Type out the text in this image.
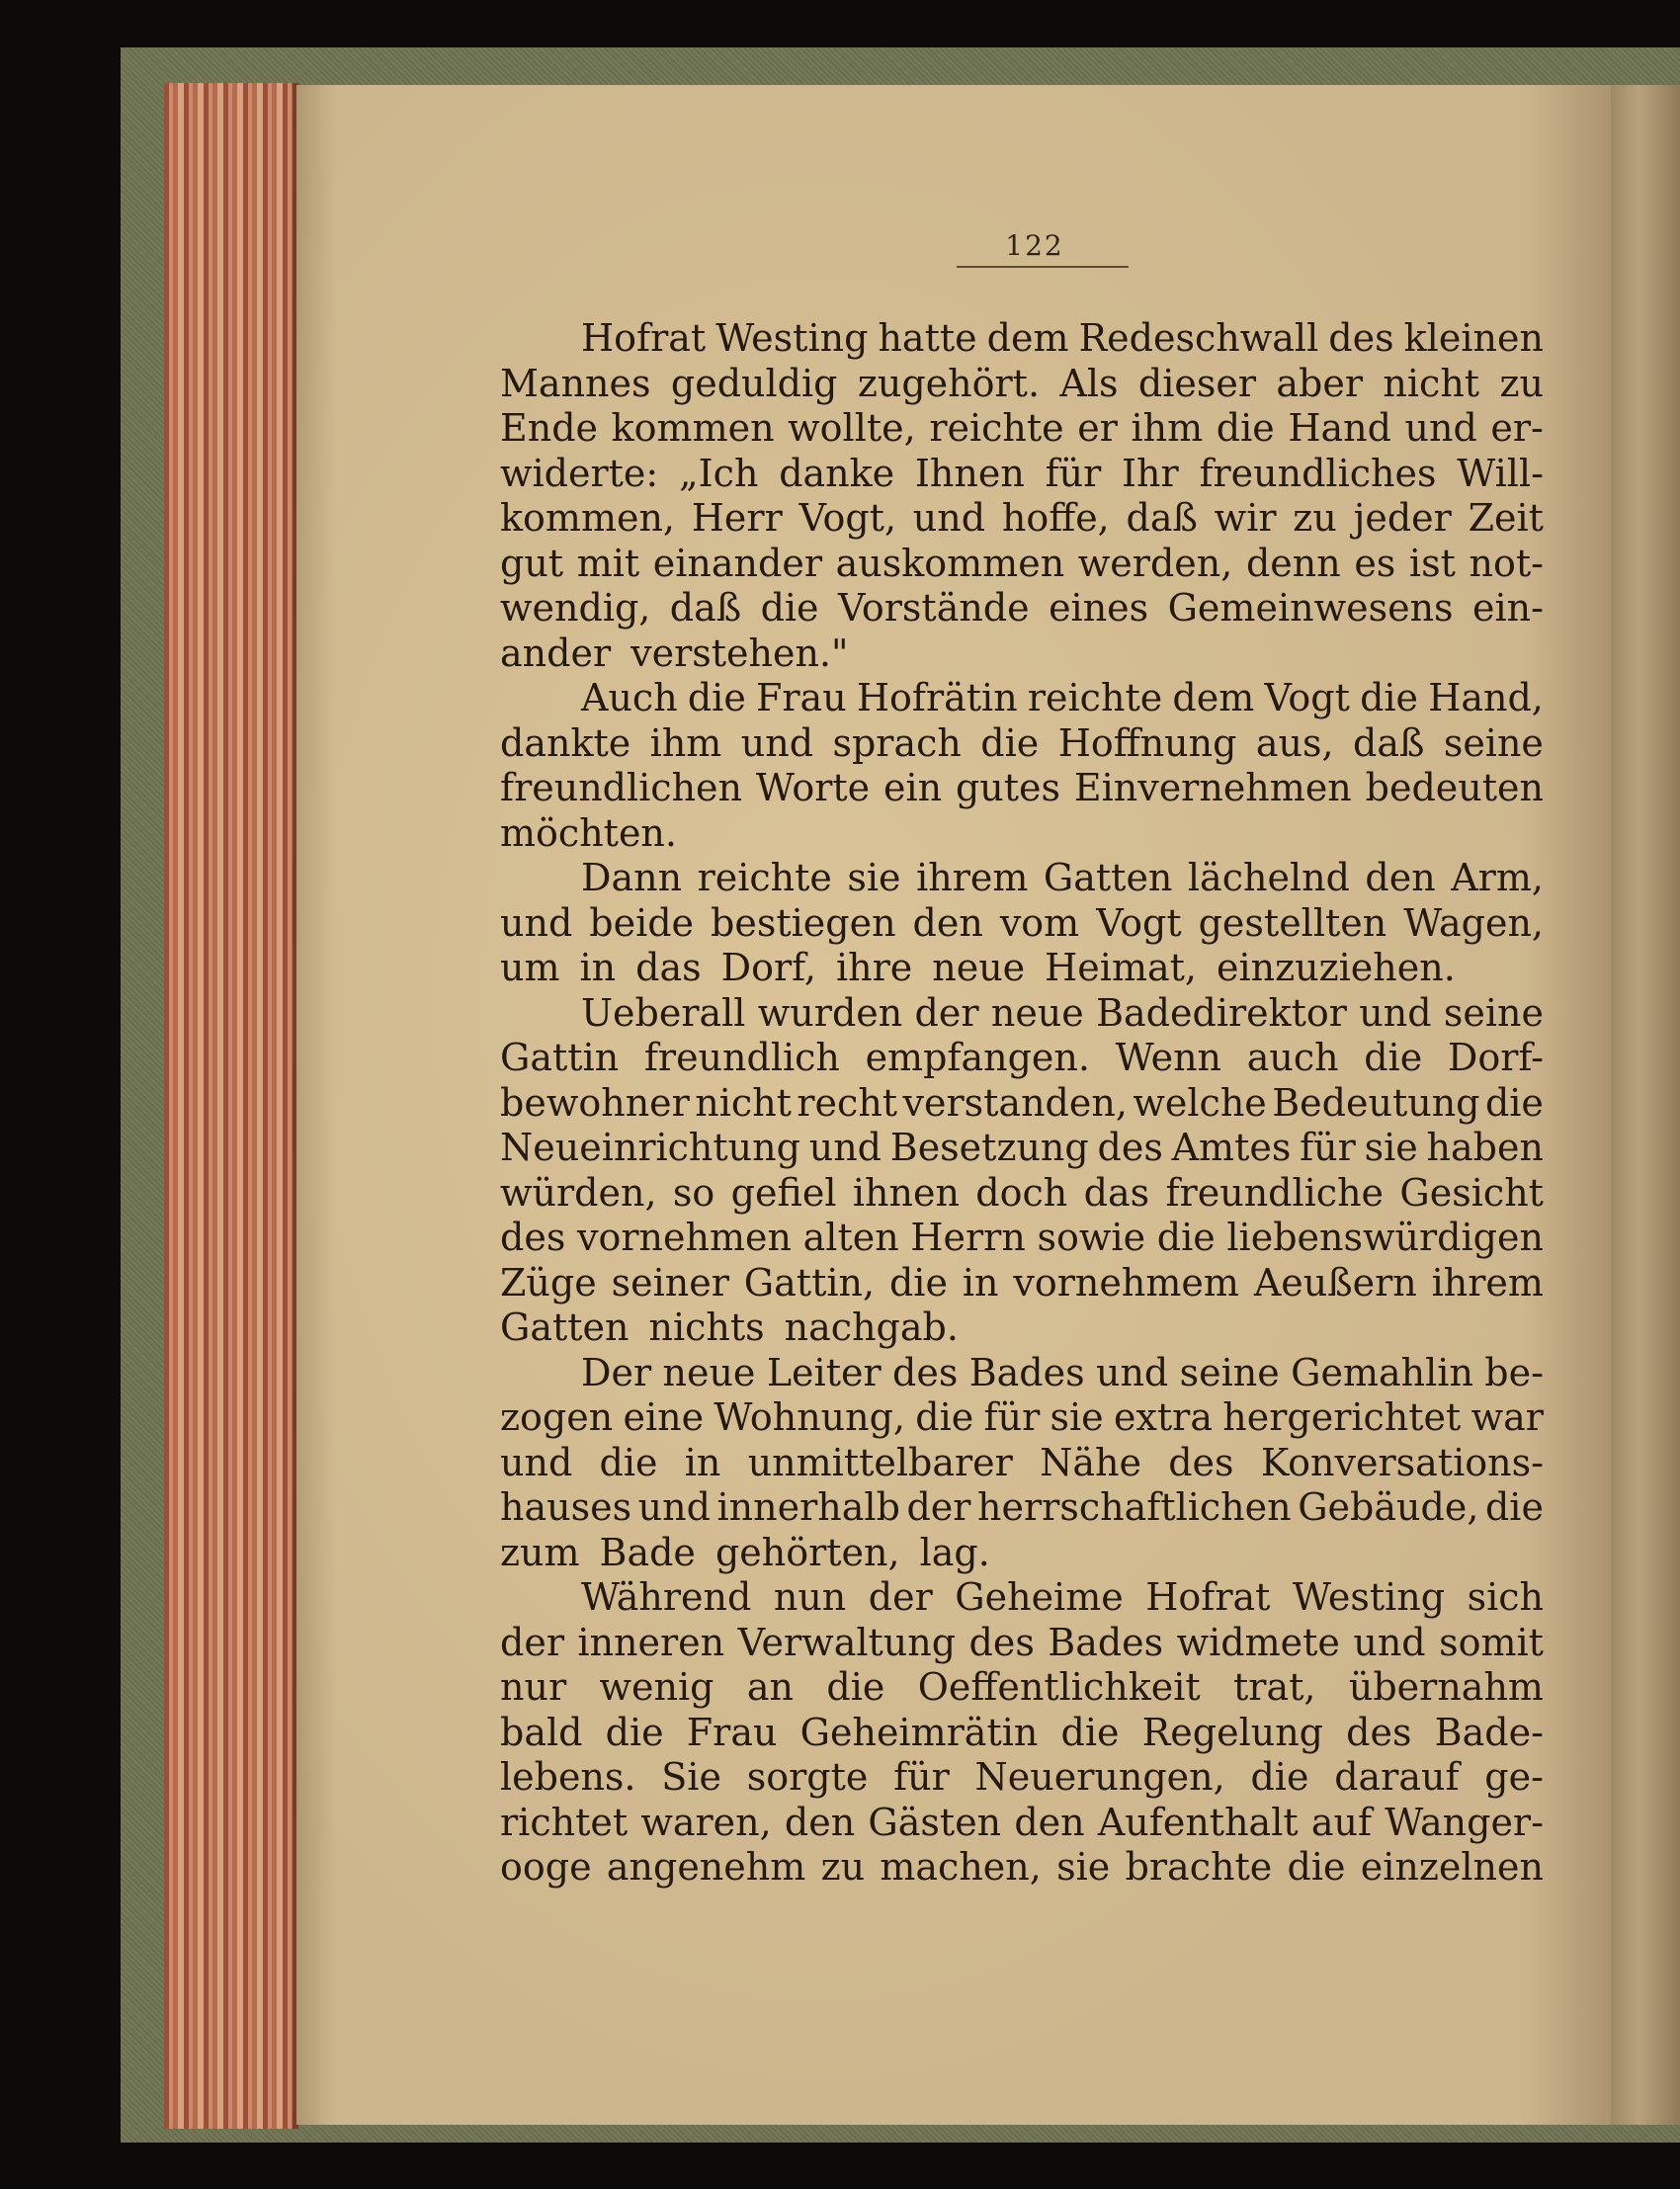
122
Hofrat Westing hatte dem Redeschwall des kleinen
Mannes geduldig zugehört. Als dieser aber nicht zu
Ende kommen wollte, reichte er ihm die Hand und er-
widerte: „Ich danke Ihnen für Ihr freundliches Will-
kommen, Herr Vogt, und hoffe, daß wir zu jeder Zeit
gut mit einander auskommen werden, denn es ist not-
wendig, daß die Vorstände eines Gemeinwesens ein-
ander verstehen."
Auch die Frau Hofrätin reichte dem Vogt die Hand,
dankte ihm und sprach die Hoffnung aus, daß seine
freundlichen Worte ein gutes Einvernehmen bedeuten
möchten.
Dann reichte sie ihrem Gatten lächelnd den Arm,
und beide bestiegen den vom Vogt gestellten Wagen,
um in das Dorf, ihre neue Heimat, einzuziehen.
Ueberall wurden der neue Badedirektor und seine
Gattin freundlich empfangen. Wenn auch die Dorf-
bewohner nicht recht verstanden, welche Bedeutung die
Neueinrichtung und Besetzung des Amtes für sie haben
würden, so gefiel ihnen doch das freundliche Gesicht
des vornehmen alten Herrn sowie die liebenswürdigen
Züge seiner Gattin, die in vornehmem Aeußern ihrem
Gatten nichts nachgab.
Der neue Leiter des Bades und seine Gemahlin be-
zogen eine Wohnung, die für sie extra hergerichtet war
und die in unmittelbarer Nähe des Konversations-
hauses und innerhalb der herrschaftlichen Gebäude, die
zum Bade gehörten, lag.
Während nun der Geheime Hofrat Westing sich
der inneren Verwaltung des Bades widmete und somit
nur wenig an die Oeffentlichkeit trat, übernahm
bald die Frau Geheimrätin die Regelung des Bade-
lebens. Sie sorgte für Neuerungen, die darauf ge-
richtet waren, den Gästen den Aufenthalt auf Wanger-
ooge angenehm zu machen, sie brachte die einzelnen
